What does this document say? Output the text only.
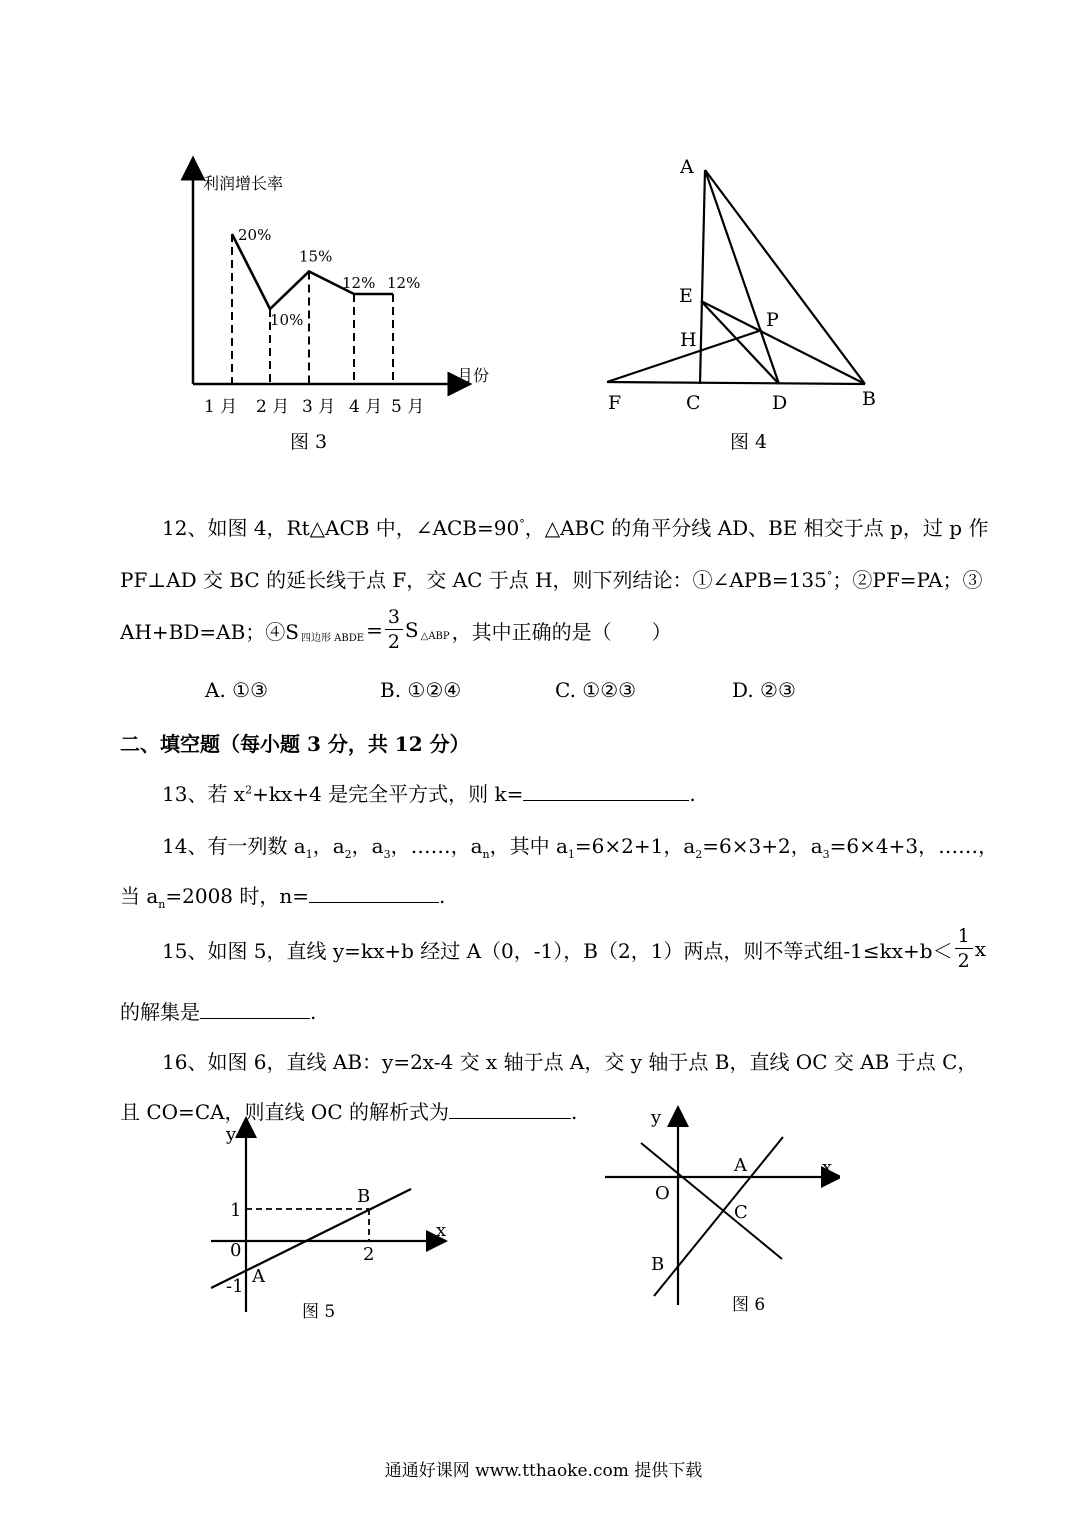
利润增长率
月份
20%
10%
15%
12% 12%
1 月 2 月 3 月 4 月 5 月
图 3
A
E
H
P
F	C	D	B
图 4
12、如图 4，Rt△ACB 中，∠ACB=90°，△ABC 的角平分线 AD、BE 相交于点 p，过 p 作
PF⊥AD 交 BC 的延长线于点 F，交 AC 于点 H，则下列结论：①∠APB=135°；②PF=PA；③
AH+BD=AB；$④S_{四边形 ABDE} = \frac{3}{2} S_{\triangle ABP}$ ，其中正确的是（　　）
A. ①③	B. ①②④	C. ①②③	D. ②③
二、填空题（每小题 3 分，共 12 分）
13、若 $x^2+kx+4$ 是完全平方式，则 k=	.
14、有一列数 $a_1$，$a_2$，$a_3$，……，$a_n$，其中 $a_1=6\times 2+1$，$a_2=6\times 3+2$，$a_3=6\times 4+3$，……，
当 $a_n=2008$ 时，n=	.
15、如图 5，直线 y=kx+b 经过 A（0，-1），B（2，1）两点，则不等式组$-1\le kx+b< \frac{1}{2}$ x
的解集是	.
16、如图 6，直线 AB：y=2x-4 交 x 轴于点 A，交 y 轴于点 B，直线 OC 交 AB 于点 C，
且 CO=CA，则直线 OC 的解析式为	.
y
x
1
0
-1
2
A
B
图 5
y
x
O
A
C
B
图 6
通通好课网 www.tthaoke.com 提供下载
